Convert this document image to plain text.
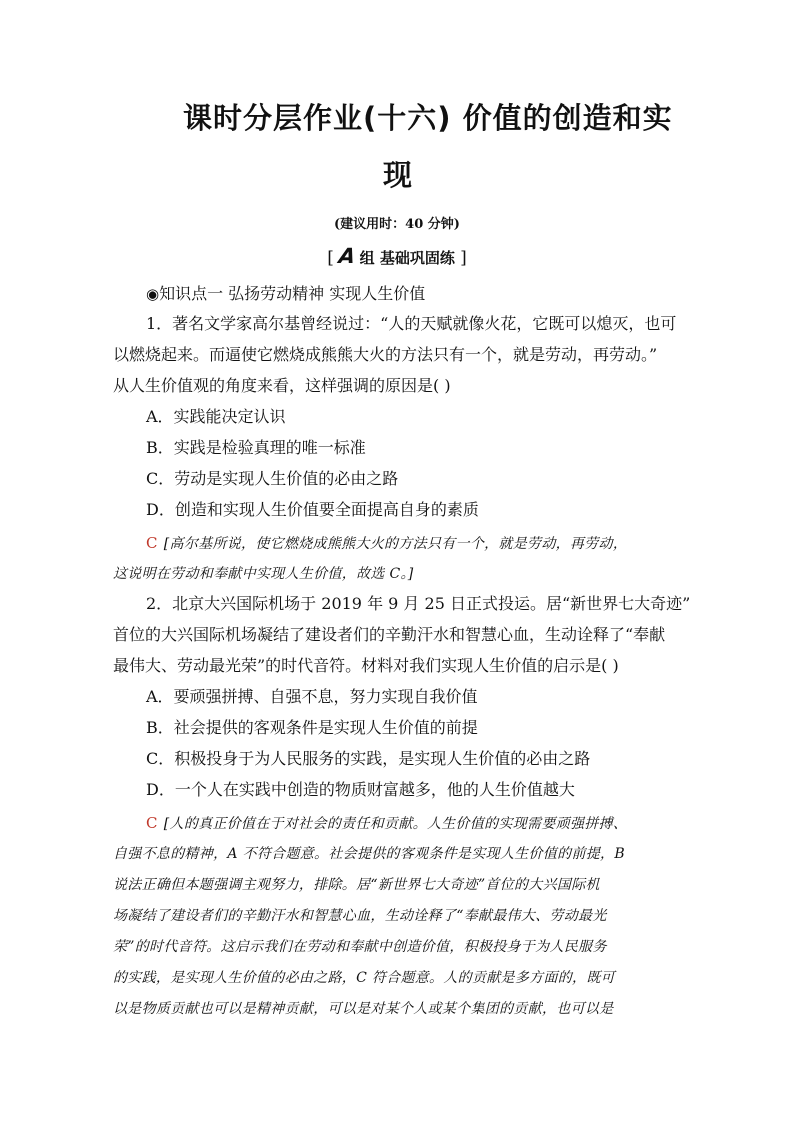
课时分层作业(十六) 价值的创造和实
现
(建议用时：40 分钟)
[ A 组 基础巩固练 ]
◉知识点一 弘扬劳动精神 实现人生价值
1．著名文学家高尔基曾经说过：“人的天赋就像火花，它既可以熄灭，也可
以燃烧起来。而逼使它燃烧成熊熊大火的方法只有一个，就是劳动，再劳动。”
从人生价值观的角度来看，这样强调的原因是( )
A．实践能决定认识
B．实践是检验真理的唯一标准
C．劳动是实现人生价值的必由之路
D．创造和实现人生价值要全面提高自身的素质
C [高尔基所说，使它燃烧成熊熊大火的方法只有一个，就是劳动，再劳动，
这说明在劳动和奉献中实现人生价值，故选 C。]
2．北京大兴国际机场于 2019 年 9 月 25 日正式投运。居“新世界七大奇迹”
首位的大兴国际机场凝结了建设者们的辛勤汗水和智慧心血，生动诠释了“奉献
最伟大、劳动最光荣”的时代音符。材料对我们实现人生价值的启示是( )
A．要顽强拼搏、自强不息，努力实现自我价值
B．社会提供的客观条件是实现人生价值的前提
C．积极投身于为人民服务的实践，是实现人生价值的必由之路
D．一个人在实践中创造的物质财富越多，他的人生价值越大
C [人的真正价值在于对社会的责任和贡献。人生价值的实现需要顽强拼搏、
自强不息的精神，A 不符合题意。社会提供的客观条件是实现人生价值的前提，B
说法正确但本题强调主观努力，排除。居“新世界七大奇迹”首位的大兴国际机
场凝结了建设者们的辛勤汗水和智慧心血，生动诠释了“奉献最伟大、劳动最光
荣”的时代音符。这启示我们在劳动和奉献中创造价值，积极投身于为人民服务
的实践，是实现人生价值的必由之路，C 符合题意。人的贡献是多方面的，既可
以是物质贡献也可以是精神贡献，可以是对某个人或某个集团的贡献，也可以是
